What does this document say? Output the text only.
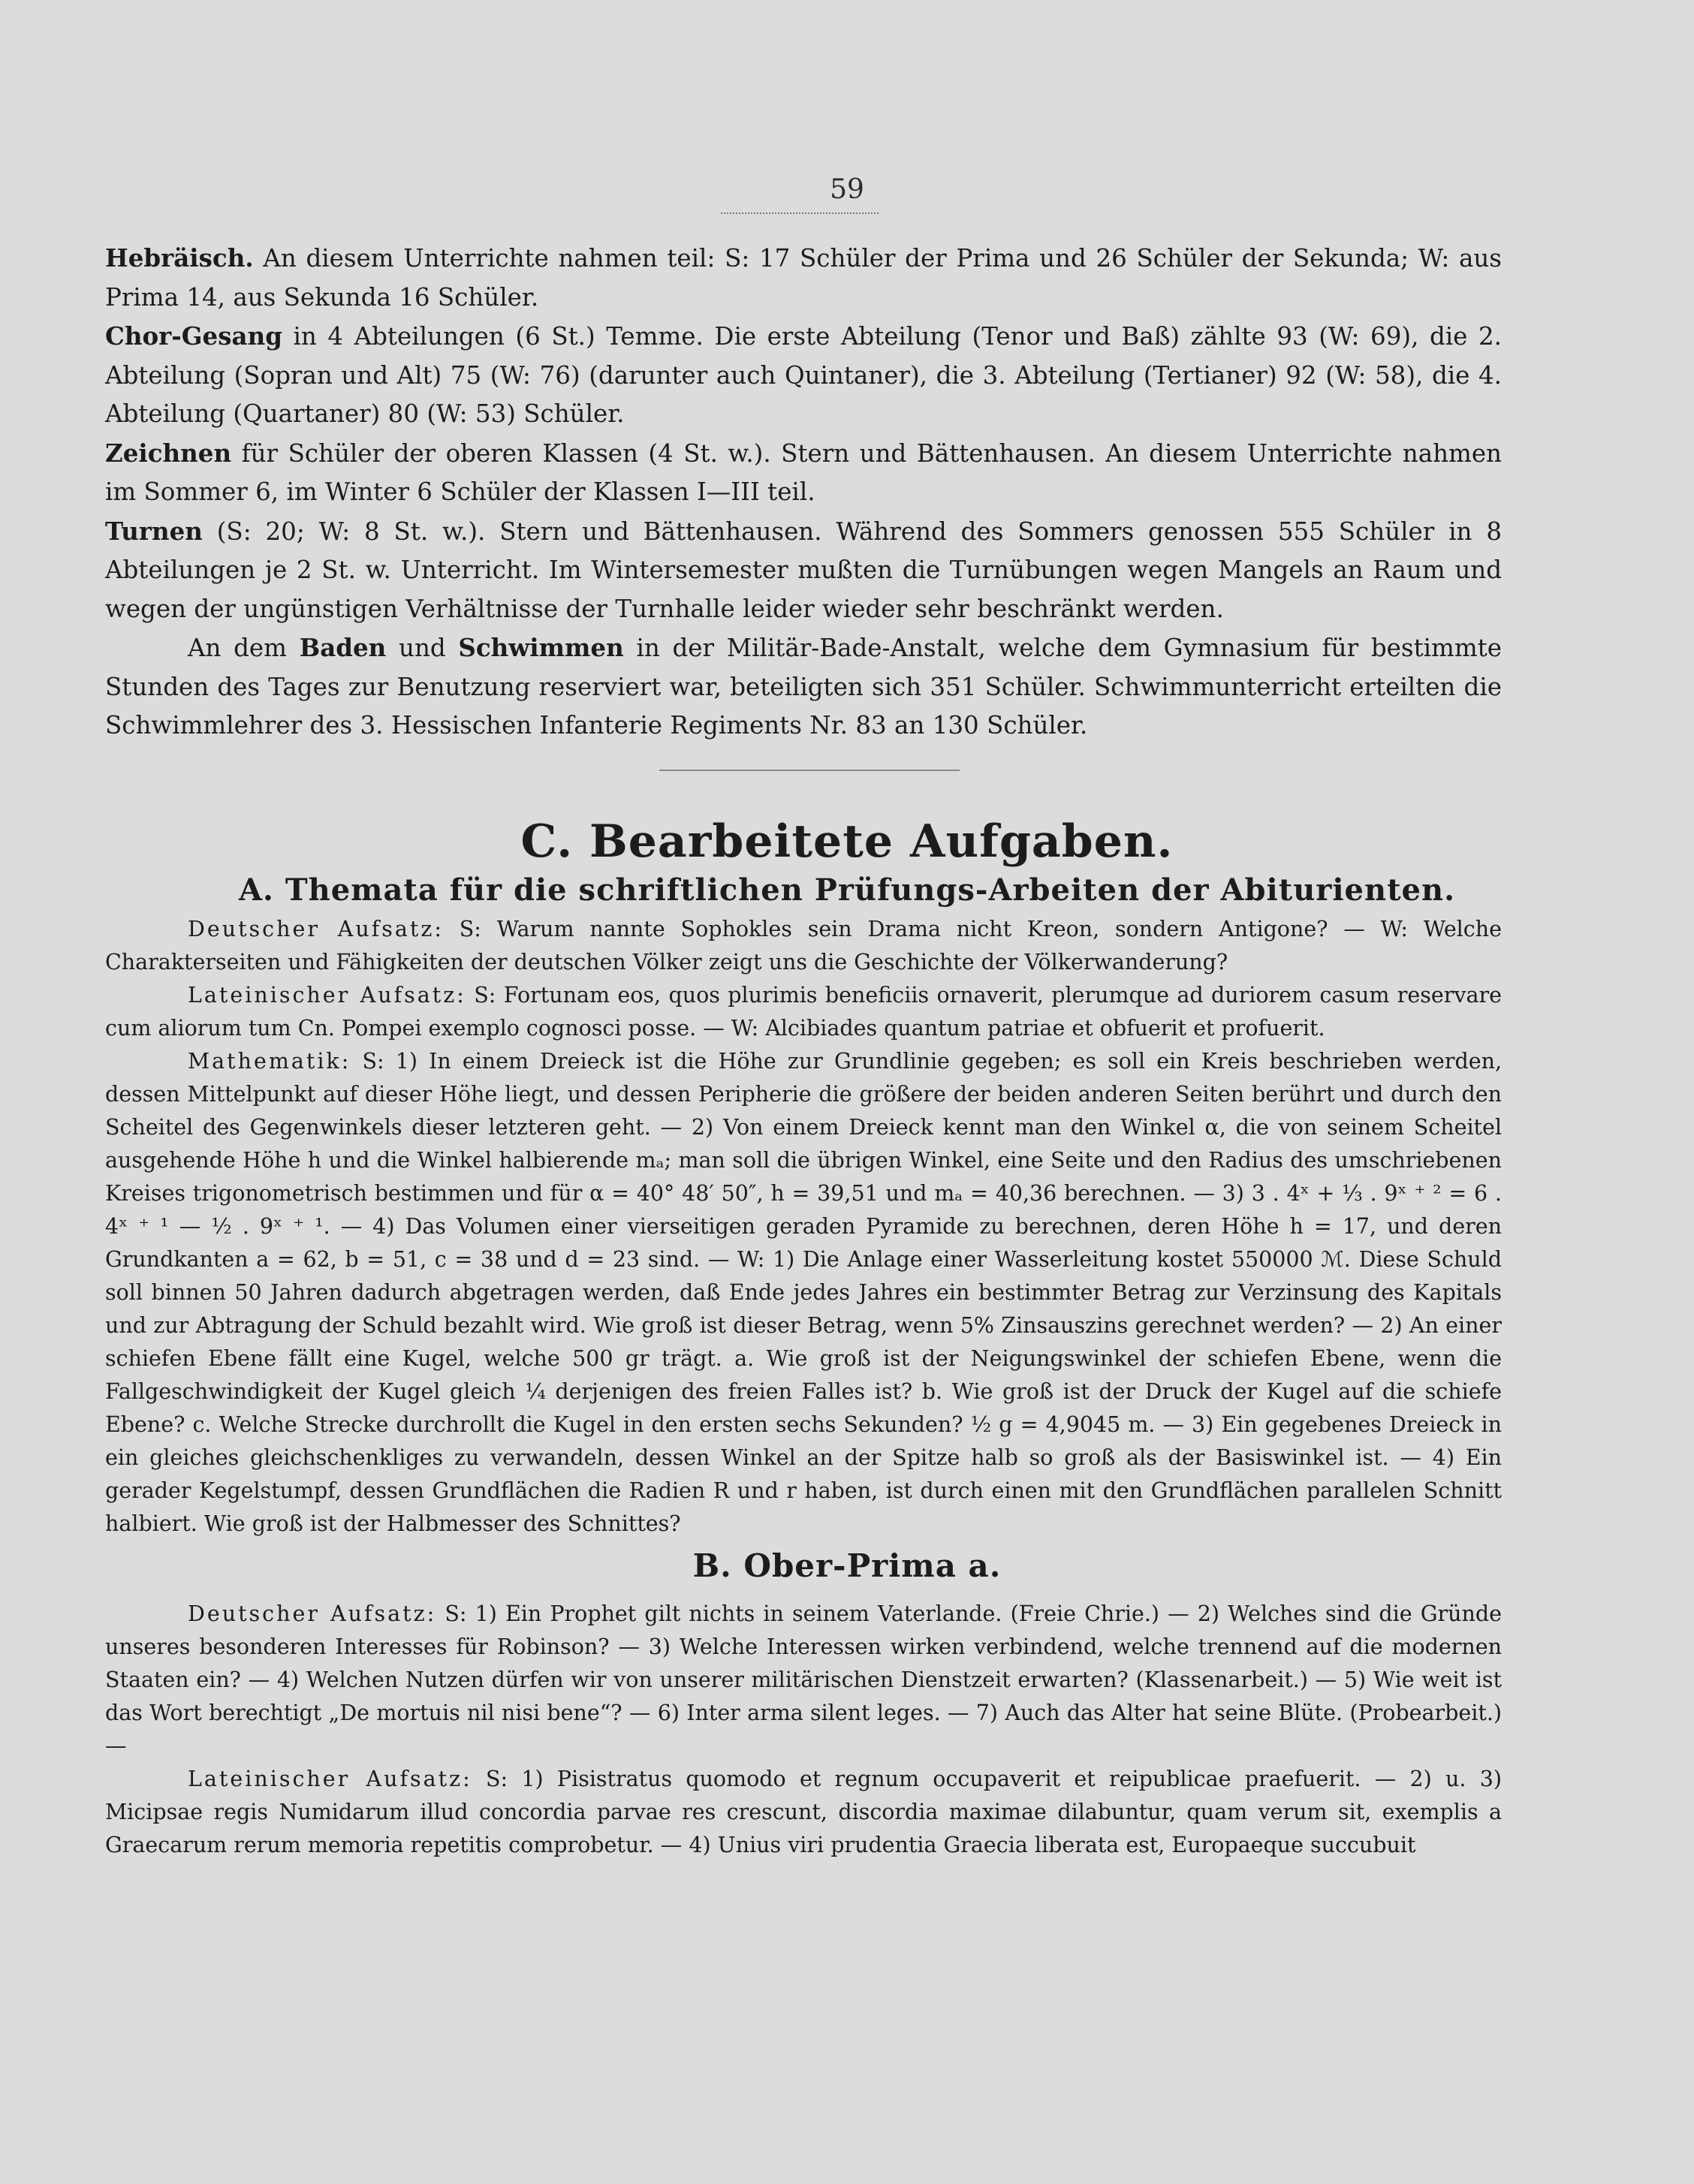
59

Hebräisch. An diesem Unterrichte nahmen teil: S: 17 Schüler der Prima und 26 Schüler der Sekunda; W: aus Prima 14, aus Sekunda 16 Schüler.

Chor-Gesang in 4 Abteilungen (6 St.) Temme. Die erste Abteilung (Tenor und Baß) zählte 93 (W: 69), die 2. Abteilung (Sopran und Alt) 75 (W: 76) (darunter auch Quintaner), die 3. Abteilung (Tertianer) 92 (W: 58), die 4. Abteilung (Quartaner) 80 (W: 53) Schüler.

Zeichnen für Schüler der oberen Klassen (4 St. w.). Stern und Bättenhausen. An diesem Unterrichte nahmen im Sommer 6, im Winter 6 Schüler der Klassen I—III teil.

Turnen (S: 20; W: 8 St. w.). Stern und Bättenhausen. Während des Sommers genossen 555 Schüler in 8 Abteilungen je 2 St. w. Unterricht. Im Wintersemester mußten die Turnübungen wegen Mangels an Raum und wegen der ungünstigen Verhältnisse der Turnhalle leider wieder sehr beschränkt werden.

An dem Baden und Schwimmen in der Militär-Bade-Anstalt, welche dem Gymnasium für bestimmte Stunden des Tages zur Benutzung reserviert war, beteiligten sich 351 Schüler. Schwimmunterricht erteilten die Schwimmlehrer des 3. Hessischen Infanterie Regiments Nr. 83 an 130 Schüler.

C. Bearbeitete Aufgaben.
A. Themata für die schriftlichen Prüfungs-Arbeiten der Abiturienten.

Deutscher Aufsatz: S: Warum nannte Sophokles sein Drama nicht Kreon, sondern Antigone? — W: Welche Charakterseiten und Fähigkeiten der deutschen Völker zeigt uns die Geschichte der Völkerwanderung?

Lateinischer Aufsatz: S: Fortunam eos, quos plurimis beneficiis ornaverit, plerumque ad duriorem casum reservare cum aliorum tum Cn. Pompei exemplo cognosci posse. — W: Alcibiades quantum patriae et obfuerit et profuerit.

Mathematik: S: 1) In einem Dreieck ist die Höhe zur Grundlinie gegeben; es soll ein Kreis beschrieben werden, dessen Mittelpunkt auf dieser Höhe liegt, und dessen Peripherie die größere der beiden anderen Seiten berührt und durch den Scheitel des Gegenwinkels dieser letzteren geht. — 2) Von einem Dreieck kennt man den Winkel α, die von seinem Scheitel ausgehende Höhe h und die Winkel halbierende mₐ; man soll die übrigen Winkel, eine Seite und den Radius des umschriebenen Kreises trigonometrisch bestimmen und für α = 40° 48′ 50″, h = 39,51 und mₐ = 40,36 berechnen. — 3) 3 . 4ˣ + ⅓ . 9ˣ ⁺ ² = 6 . 4ˣ ⁺ ¹ — ½ . 9ˣ ⁺ ¹. — 4) Das Volumen einer vierseitigen geraden Pyramide zu berechnen, deren Höhe h = 17, und deren Grundkanten a = 62, b = 51, c = 38 und d = 23 sind. — W: 1) Die Anlage einer Wasserleitung kostet 550000 ℳ. Diese Schuld soll binnen 50 Jahren dadurch abgetragen werden, daß Ende jedes Jahres ein bestimmter Betrag zur Verzinsung des Kapitals und zur Abtragung der Schuld bezahlt wird. Wie groß ist dieser Betrag, wenn 5% Zinsauszins gerechnet werden? — 2) An einer schiefen Ebene fällt eine Kugel, welche 500 gr trägt. a. Wie groß ist der Neigungswinkel der schiefen Ebene, wenn die Fallgeschwindigkeit der Kugel gleich ¼ derjenigen des freien Falles ist? b. Wie groß ist der Druck der Kugel auf die schiefe Ebene? c. Welche Strecke durchrollt die Kugel in den ersten sechs Sekunden? ½ g = 4,9045 m. — 3) Ein gegebenes Dreieck in ein gleiches gleichschenkliges zu verwandeln, dessen Winkel an der Spitze halb so groß als der Basiswinkel ist. — 4) Ein gerader Kegelstumpf, dessen Grundflächen die Radien R und r haben, ist durch einen mit den Grundflächen parallelen Schnitt halbiert. Wie groß ist der Halbmesser des Schnittes?

B. Ober-Prima a.

Deutscher Aufsatz: S: 1) Ein Prophet gilt nichts in seinem Vaterlande. (Freie Chrie.) — 2) Welches sind die Gründe unseres besonderen Interesses für Robinson? — 3) Welche Interessen wirken verbindend, welche trennend auf die modernen Staaten ein? — 4) Welchen Nutzen dürfen wir von unserer militärischen Dienstzeit erwarten? (Klassenarbeit.) — 5) Wie weit ist das Wort berechtigt „De mortuis nil nisi bene“? — 6) Inter arma silent leges. — 7) Auch das Alter hat seine Blüte. (Probearbeit.) —

Lateinischer Aufsatz: S: 1) Pisistratus quomodo et regnum occupaverit et reipublicae praefuerit. — 2) u. 3) Micipsae regis Numidarum illud concordia parvae res crescunt, discordia maximae dilabuntur, quam verum sit, exemplis a Graecarum rerum memoria repetitis comprobetur. — 4) Unius viri prudentia Graecia liberata est, Europaeque succubuit
